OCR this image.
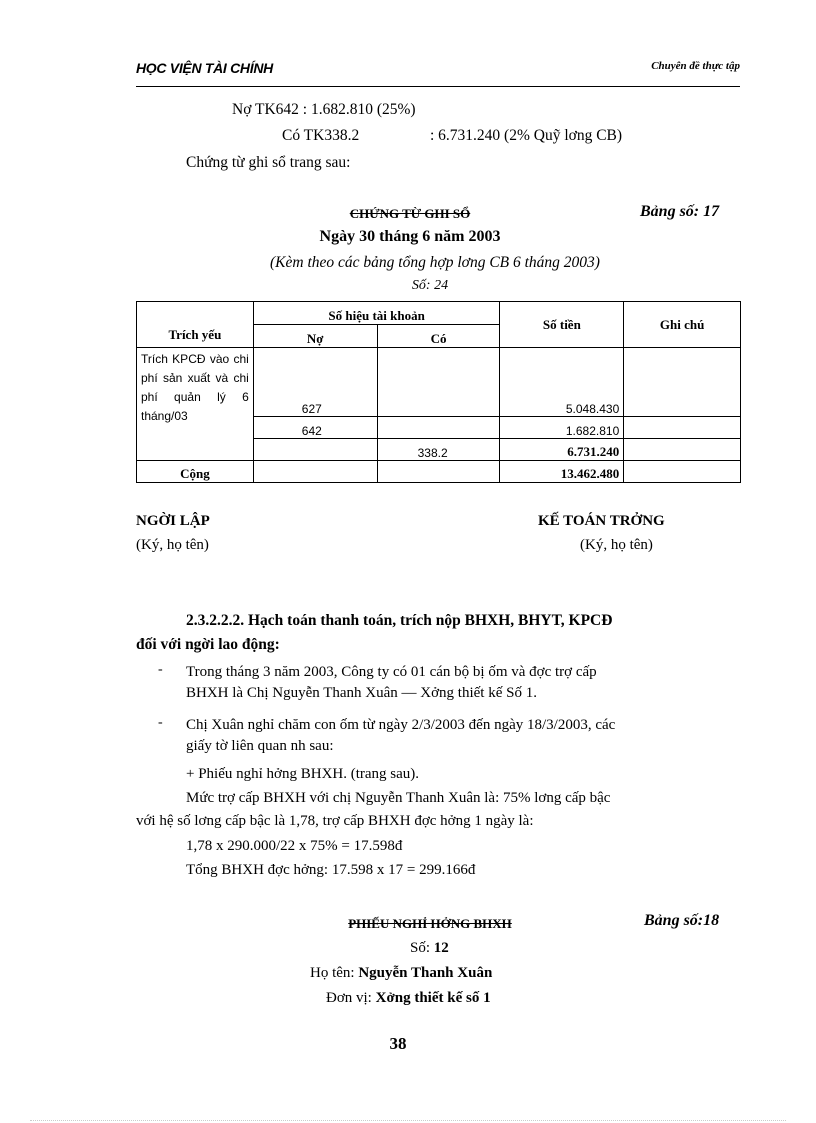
HỌC VIỆN TÀI CHÍNH	Chuyên đề thực tập
Nợ TK642 : 1.682.810 (25%)
Có TK338.2	: 6.731.240 (2% Quỹ lơng CB)
Chứng từ ghi sổ trang sau:
CHỨNG TỪ GHI SỔ	Bảng số: 17
Ngày 30 tháng 6 năm 2003
(Kèm theo các bảng tổng hợp lơng CB 6 tháng 2003)
Số: 24
Trích yếu	Số hiệu tài khoản		Số tiền	Ghi chú
	Nợ	Có		
Trích KPCĐ vào chi phí sản xuất và chi phí quản lý 6 tháng/03	627		5.048.430	
	642		1.682.810	
		338.2	6.731.240	
Cộng			13.462.480	
NGỜI LẬP
(Ký, họ tên)
KẾ TOÁN TRỞNG
(Ký, họ tên)
2.3.2.2.2. Hạch toán thanh toán, trích nộp BHXH, BHYT, KPCĐ
đối với ngời lao động:
- Trong tháng 3 năm 2003, Công ty có 01 cán bộ bị ốm và đợc trợ cấp
BHXH là Chị Nguyễn Thanh Xuân — Xởng thiết kế Số 1.
- Chị Xuân nghỉ chăm con ốm từ ngày 2/3/2003 đến ngày 18/3/2003, các
giấy tờ liên quan nh sau:
+ Phiếu nghỉ hởng BHXH. (trang sau).
Mức trợ cấp BHXH với chị Nguyễn Thanh Xuân là: 75% lơng cấp bậc
với hệ số lơng cấp bậc là 1,78, trợ cấp BHXH đợc hởng 1 ngày là:
1,78 x 290.000/22 x 75% = 17.598đ
Tổng BHXH đợc hởng: 17.598 x 17 = 299.166đ
PHIẾU NGHỈ HỞNG BHXH	Bảng số:18
Số: 12
Họ tên: Nguyễn Thanh Xuân
Đơn vị: Xởng thiết kế số 1
38
